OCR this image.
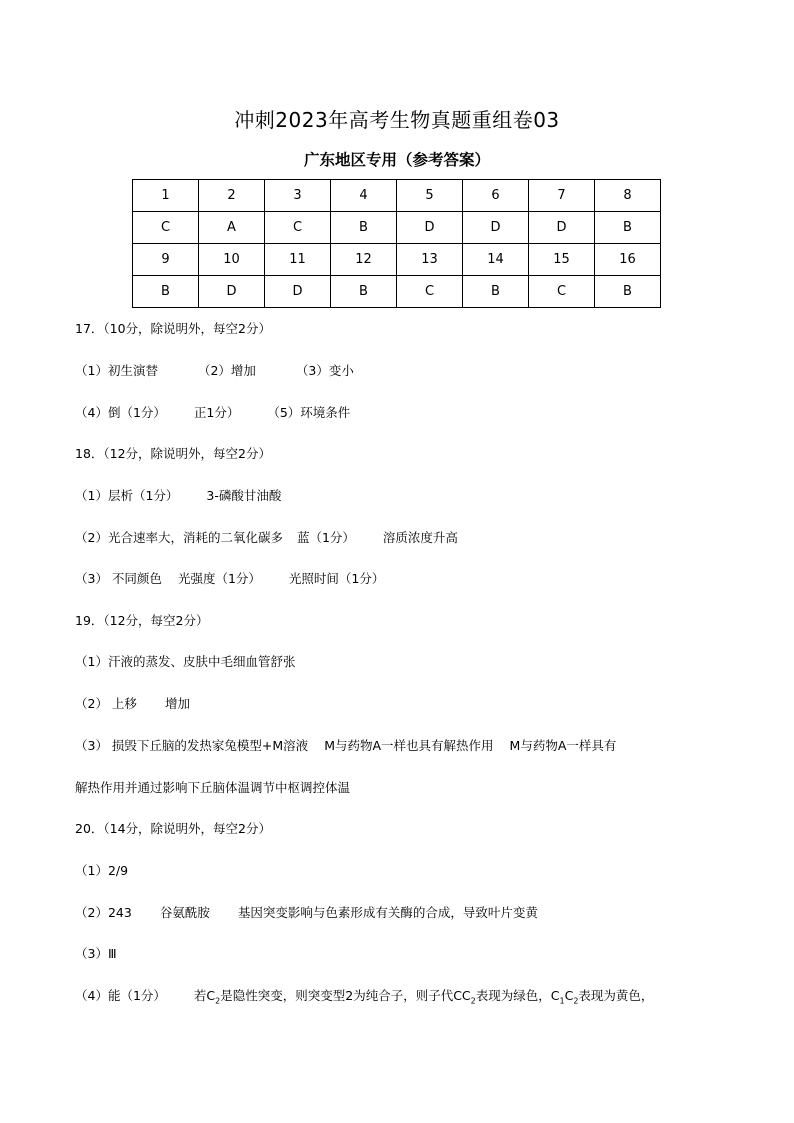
冲刺2023年高考生物真题重组卷03
广东地区专用（参考答案）
1	2	3	4	5	6	7	8
C	A	C	B	D	D	D	B
9	10	11	12	13	14	15	16
B	D	D	B	C	B	C	B
17．（10分，除说明外，每空2分）
（1）初生演替	（2）增加	（3）变小
（4）倒（1分） 正1分） （5）环境条件
18．（12分，除说明外，每空2分）
（1）层析（1分） 3-磷酸甘油酸
（2）光合速率大，消耗的二氧化碳多 蓝（1分） 溶质浓度升高
（3） 不同颜色 光强度（1分） 光照时间（1分）
19．（12分，每空2分）
（1）汗液的蒸发、皮肤中毛细血管舒张
（2） 上移 增加
（3） 损毁下丘脑的发热家兔模型+M溶液 M与药物A一样也具有解热作用 M与药物A一样具有
解热作用并通过影响下丘脑体温调节中枢调控体温
20．（14分，除说明外，每空2分）
（1）2/9
（2）243 谷氨酰胺 基因突变影响与色素形成有关酶的合成，导致叶片变黄
（3）Ⅲ
（4）能（1分） 若$C_2$是隐性突变，则突变型2为纯合子，则子代$CC_2$表现为绿色，$C_1C_2$表现为黄色，
